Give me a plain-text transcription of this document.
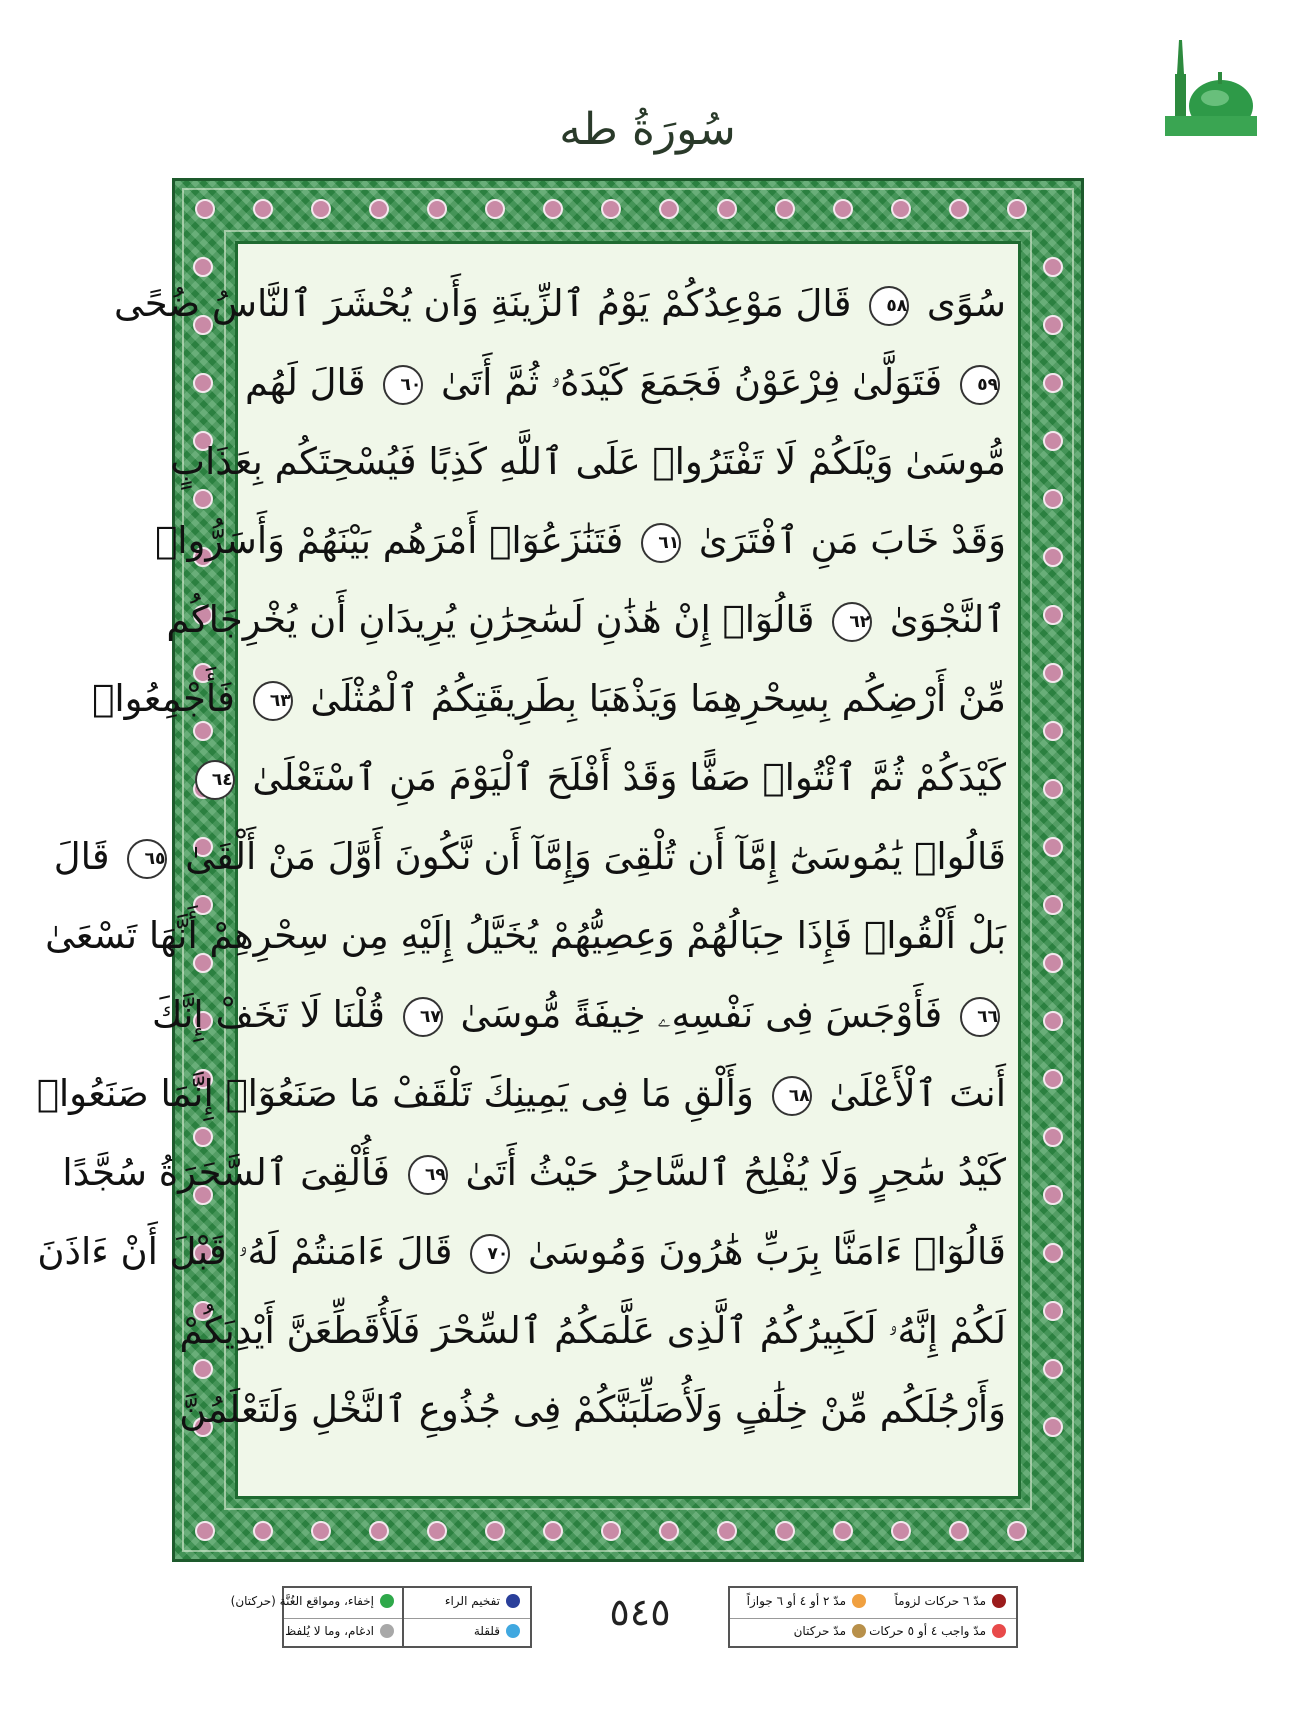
سُورَةُ طه
سُوًى ٥٨ قَالَ مَوْعِدُكُمْ يَوْمُ ٱلزِّينَةِ وَأَن يُحْشَرَ ٱلنَّاسُ ضُحًى
٥٩ فَتَوَلَّىٰ فِرْعَوْنُ فَجَمَعَ كَيْدَهُۥ ثُمَّ أَتَىٰ ٦٠ قَالَ لَهُم
مُّوسَىٰ وَيْلَكُمْ لَا تَفْتَرُوا۟ عَلَى ٱللَّهِ كَذِبًا فَيُسْحِتَكُم بِعَذَابٍ
وَقَدْ خَابَ مَنِ ٱفْتَرَىٰ ٦١ فَتَنَٰزَعُوٓا۟ أَمْرَهُم بَيْنَهُمْ وَأَسَرُّوا۟
ٱلنَّجْوَىٰ ٦٢ قَالُوٓا۟ إِنْ هَٰذَٰنِ لَسَٰحِرَٰنِ يُرِيدَانِ أَن يُخْرِجَاكُم
مِّنْ أَرْضِكُم بِسِحْرِهِمَا وَيَذْهَبَا بِطَرِيقَتِكُمُ ٱلْمُثْلَىٰ ٦٣ فَأَجْمِعُوا۟
كَيْدَكُمْ ثُمَّ ٱئْتُوا۟ صَفًّا وَقَدْ أَفْلَحَ ٱلْيَوْمَ مَنِ ٱسْتَعْلَىٰ ٦٤
قَالُوا۟ يَٰمُوسَىٰٓ إِمَّآ أَن تُلْقِىَ وَإِمَّآ أَن نَّكُونَ أَوَّلَ مَنْ أَلْقَىٰ ٦٥ قَالَ
بَلْ أَلْقُوا۟ فَإِذَا حِبَالُهُمْ وَعِصِيُّهُمْ يُخَيَّلُ إِلَيْهِ مِن سِحْرِهِمْ أَنَّهَا تَسْعَىٰ
٦٦ فَأَوْجَسَ فِى نَفْسِهِۦ خِيفَةً مُّوسَىٰ ٦٧ قُلْنَا لَا تَخَفْ إِنَّكَ
أَنتَ ٱلْأَعْلَىٰ ٦٨ وَأَلْقِ مَا فِى يَمِينِكَ تَلْقَفْ مَا صَنَعُوٓا۟ إِنَّمَا صَنَعُوا۟
كَيْدُ سَٰحِرٍ وَلَا يُفْلِحُ ٱلسَّاحِرُ حَيْثُ أَتَىٰ ٦٩ فَأُلْقِىَ ٱلسَّحَرَةُ سُجَّدًا
قَالُوٓا۟ ءَامَنَّا بِرَبِّ هَٰرُونَ وَمُوسَىٰ ٧٠ قَالَ ءَامَنتُمْ لَهُۥ قَبْلَ أَنْ ءَاذَنَ
لَكُمْ إِنَّهُۥ لَكَبِيرُكُمُ ٱلَّذِى عَلَّمَكُمُ ٱلسِّحْرَ فَلَأُقَطِّعَنَّ أَيْدِيَكُمْ
وَأَرْجُلَكُم مِّنْ خِلَٰفٍ وَلَأُصَلِّبَنَّكُمْ فِى جُذُوعِ ٱلنَّخْلِ وَلَتَعْلَمُنَّ
تفخيم الراء
قلقلة
إخفاء، ومواقع الغُنَّة (حركتان)
ادغام، وما لا يُلفظ	٥٤٥	مدّ ٦ حركات لزوماً
مدّ ٢ أو ٤ أو ٦ جوازاً
مدّ واجب ٤ أو ٥ حركات
مدّ حركتان
